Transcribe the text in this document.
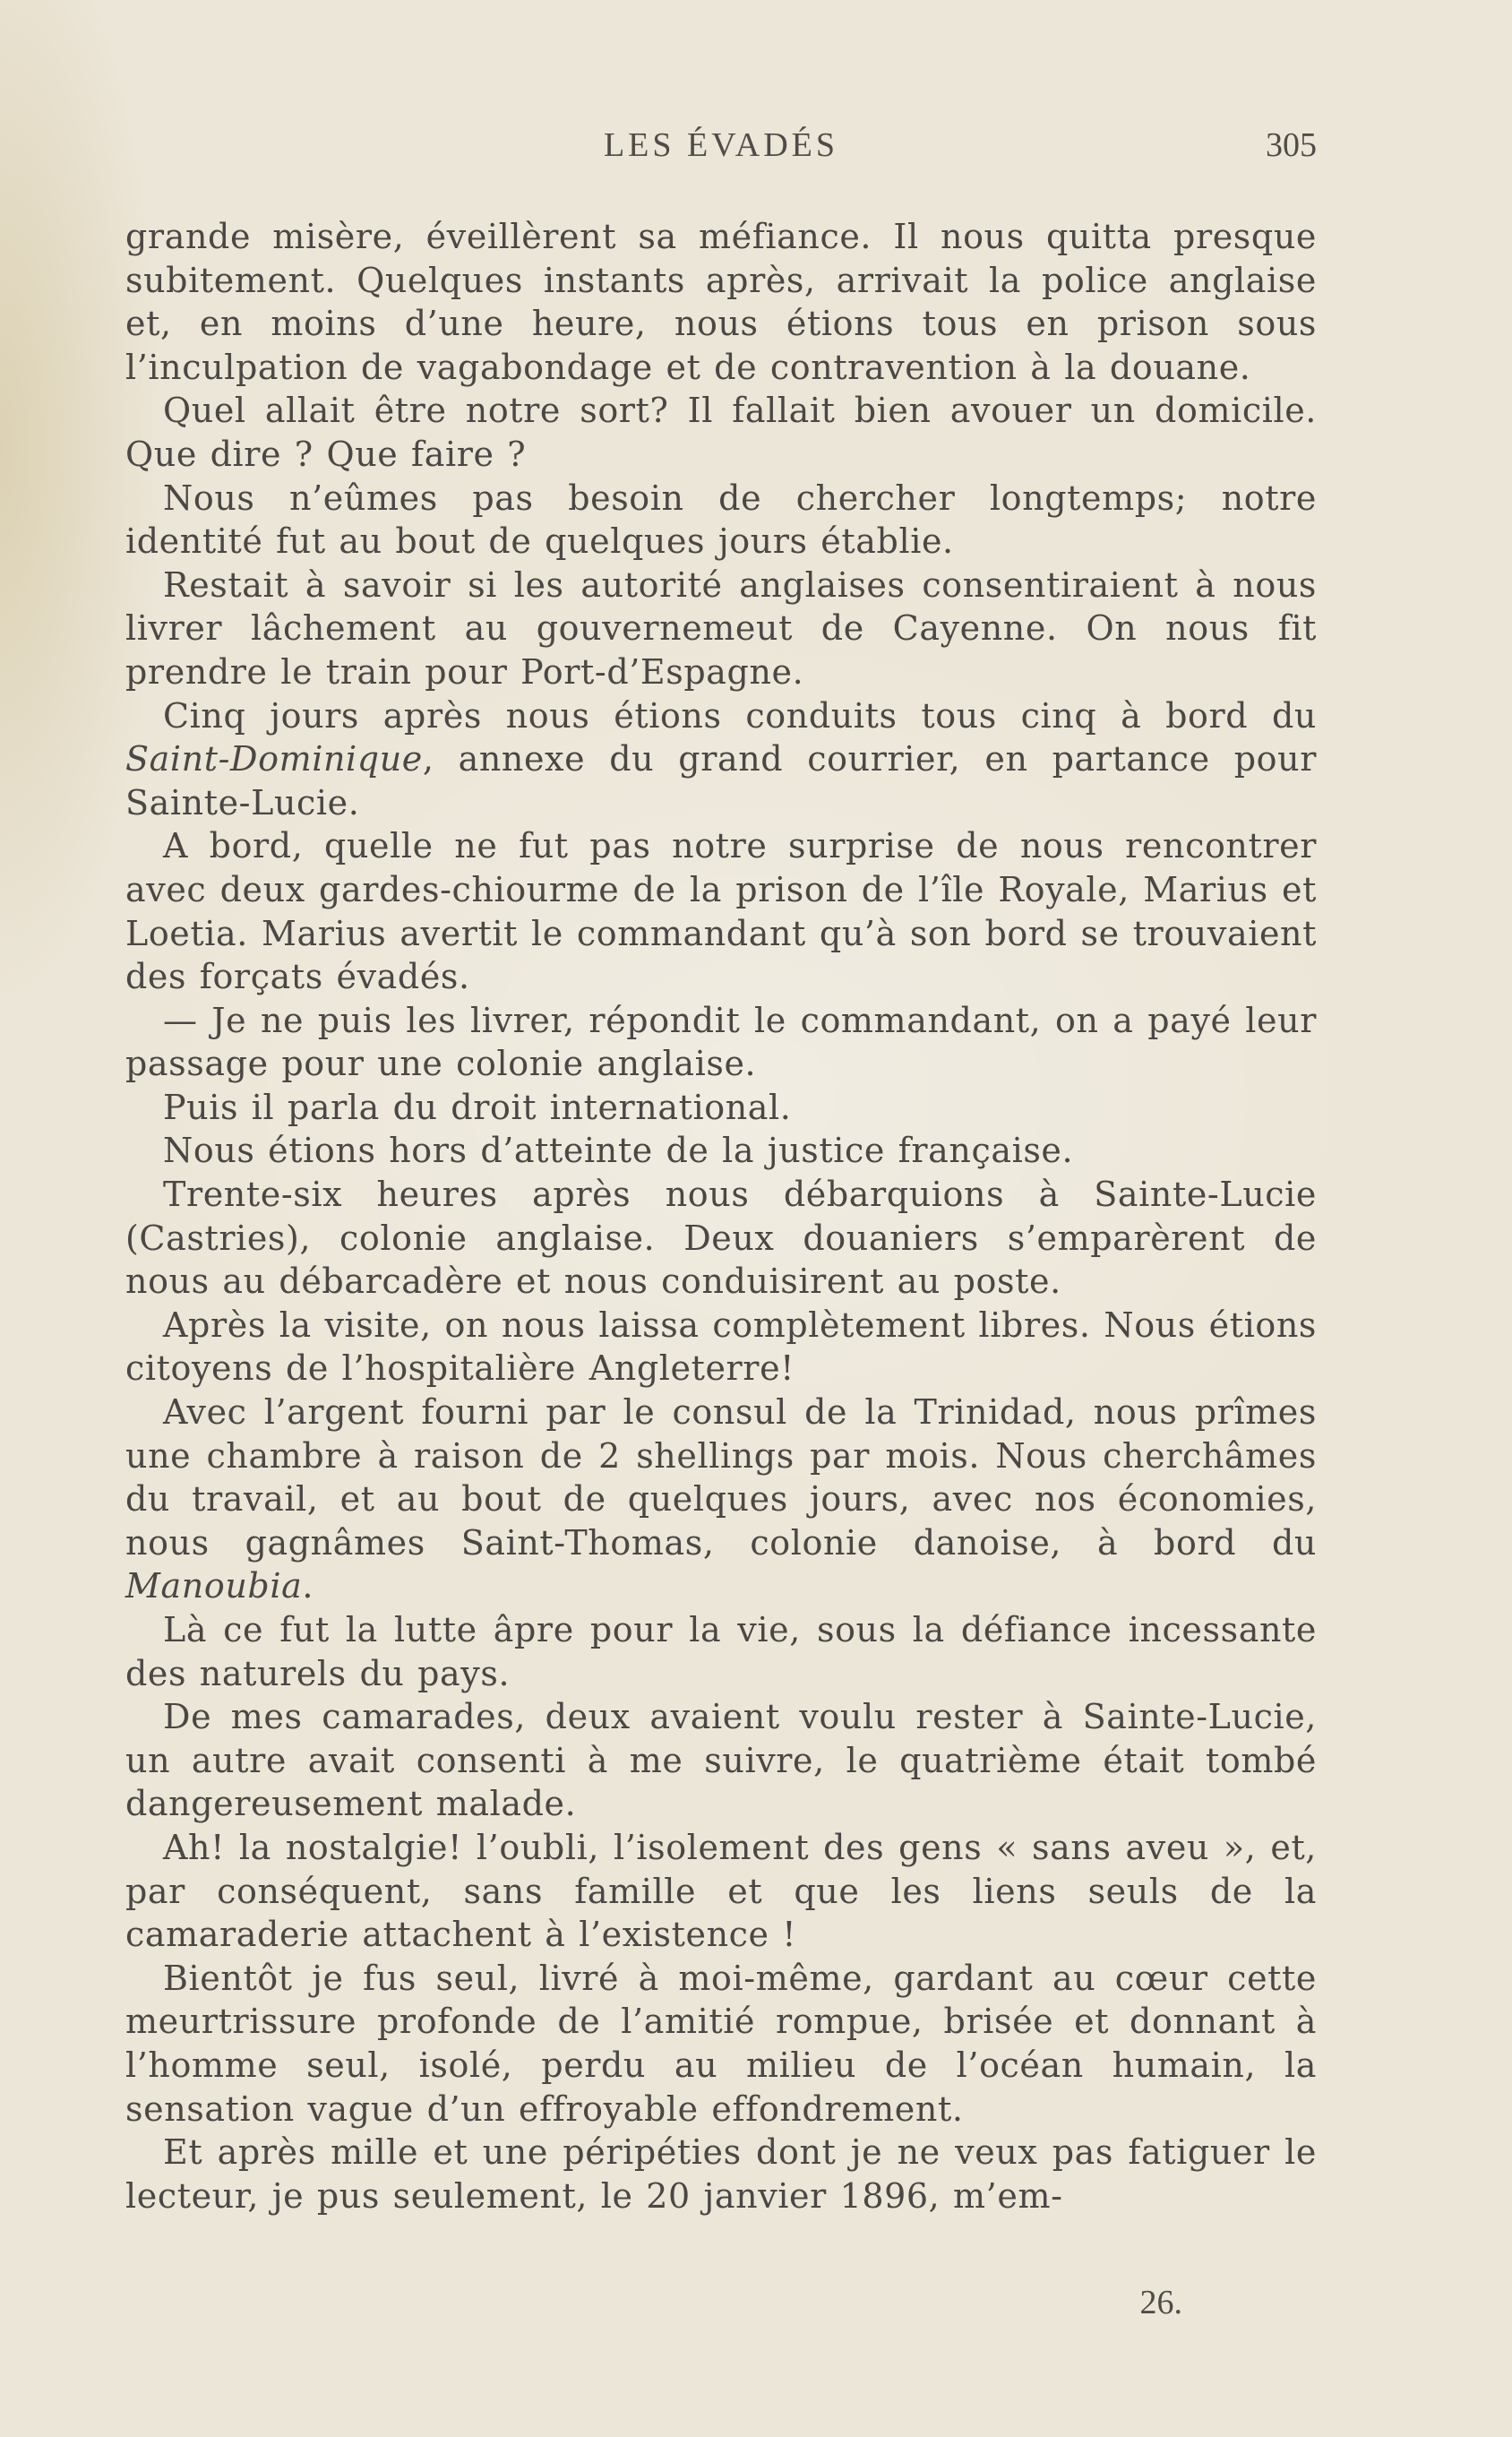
LES ÉVADÉS	305

grande misère, éveillèrent sa méfiance. Il nous quitta presque subitement. Quelques instants après, arrivait la police anglaise et, en moins d’une heure, nous étions tous en prison sous l’inculpation de vagabondage et de contravention à la douane.

Quel allait être notre sort? Il fallait bien avouer un domicile. Que dire ? Que faire ?

Nous n’eûmes pas besoin de chercher longtemps; notre identité fut au bout de quelques jours établie.

Restait à savoir si les autorité anglaises consentiraient à nous livrer lâchement au gouvernemeut de Cayenne. On nous fit prendre le train pour Port-d’Espagne.

Cinq jours après nous étions conduits tous cinq à bord du Saint-Dominique, annexe du grand courrier, en partance pour Sainte-Lucie.

A bord, quelle ne fut pas notre surprise de nous rencontrer avec deux gardes-chiourme de la prison de l’île Royale, Marius et Loetia. Marius avertit le commandant qu’à son bord se trouvaient des forçats évadés.

— Je ne puis les livrer, répondit le commandant, on a payé leur passage pour une colonie anglaise.

Puis il parla du droit international.

Nous étions hors d’atteinte de la justice française.

Trente-six heures après nous débarquions à Sainte-Lucie (Castries), colonie anglaise. Deux douaniers s’emparèrent de nous au débarcadère et nous conduisirent au poste.

Après la visite, on nous laissa complètement libres. Nous étions citoyens de l’hospitalière Angleterre!

Avec l’argent fourni par le consul de la Trinidad, nous prîmes une chambre à raison de 2 shellings par mois. Nous cherchâmes du travail, et au bout de quelques jours, avec nos économies, nous gagnâmes Saint-Thomas, colonie danoise, à bord du Manoubia.

Là ce fut la lutte âpre pour la vie, sous la défiance incessante des naturels du pays.

De mes camarades, deux avaient voulu rester à Sainte-Lucie, un autre avait consenti à me suivre, le quatrième était tombé dangereusement malade.

Ah! la nostalgie! l’oubli, l’isolement des gens « sans aveu », et, par conséquent, sans famille et que les liens seuls de la camaraderie attachent à l’existence !

Bientôt je fus seul, livré à moi-même, gardant au cœur cette meurtrissure profonde de l’amitié rompue, brisée et donnant à l’homme seul, isolé, perdu au milieu de l’océan humain, la sensation vague d’un effroyable effondrement.

Et après mille et une péripéties dont je ne veux pas fatiguer le lecteur, je pus seulement, le 20 janvier 1896, m’em-

26.
